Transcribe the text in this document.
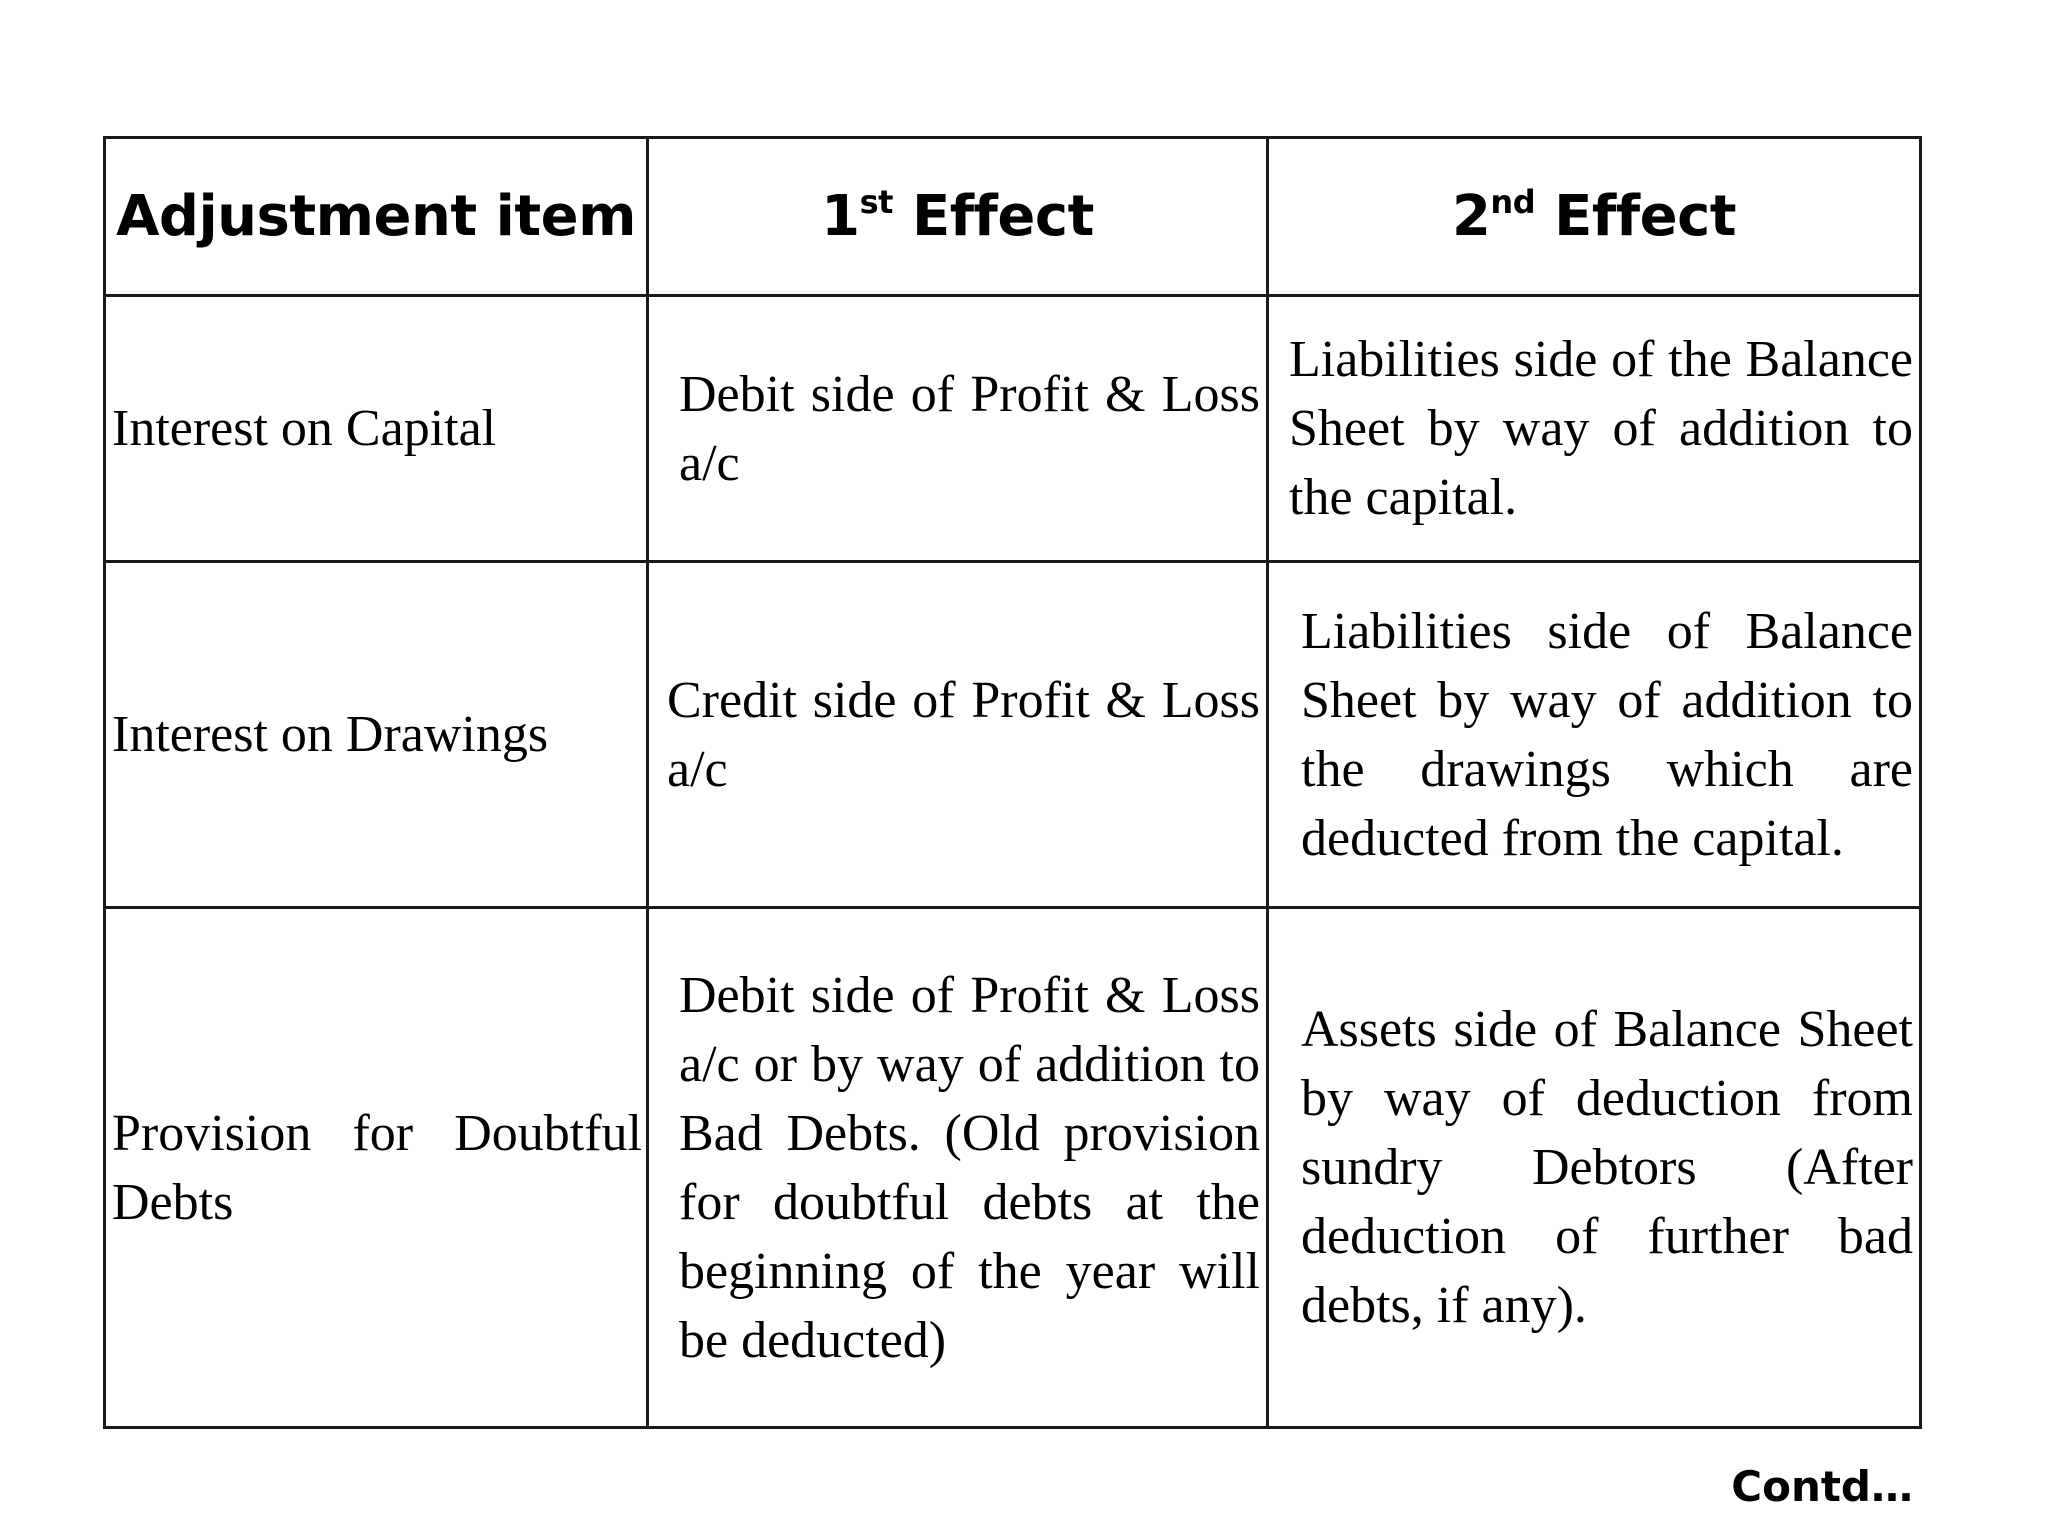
Adjustment item	1st Effect	2nd Effect
Interest on Capital	Debit side of Profit & Loss a/c	Liabilities side of the Balance Sheet by way of addition to the capital.
Interest on Drawings	Credit side of Profit & Loss a/c	Liabilities side of Balance Sheet by way of addition to the drawings which are deducted from the capital.
Provision for Doubtful Debts	Debit side of Profit & Loss a/c or by way of addition to Bad Debts. (Old provision for doubtful debts at the beginning of the year will be deducted)	Assets side of Balance Sheet by way of deduction from sundry Debtors (After deduction of further bad debts, if any).
Contd…
